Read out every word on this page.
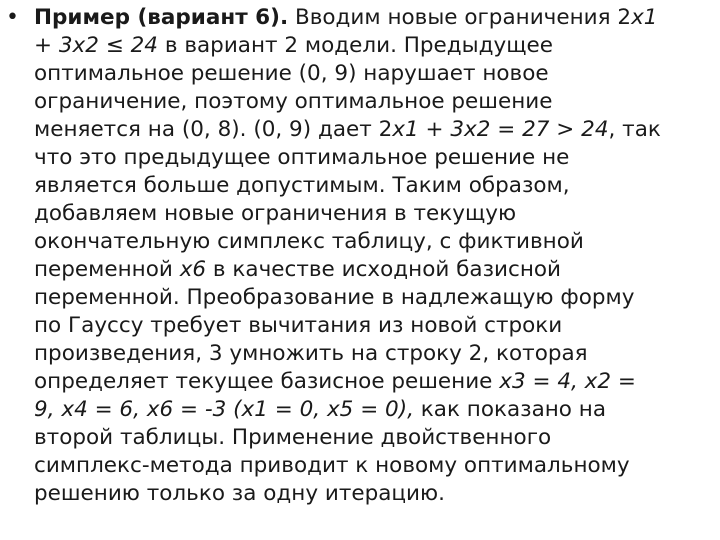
• Пример (вариант 6). Вводим новые ограничения 2x1
+ 3x2 ≤ 24 в вариант 2 модели. Предыдущее
оптимальное решение (0, 9) нарушает новое
ограничение, поэтому оптимальное решение
меняется на (0, 8). (0, 9) дает 2x1 + 3x2 = 27 > 24, так
что это предыдущее оптимальное решение не
является больше допустимым. Таким образом,
добавляем новые ограничения в текущую
окончательную симплекс таблицу, с фиктивной
переменной x6 в качестве исходной базисной
переменной. Преобразование в надлежащую форму
по Гауссу требует вычитания из новой строки
произведения, 3 умножить на строку 2, которая
определяет текущее базисное решение x3 = 4, x2 =
9, x4 = 6, x6 = -3 (x1 = 0, x5 = 0), как показано на
второй таблицы. Применение двойственного
симплекс-метода приводит к новому оптимальному
решению только за одну итерацию.
